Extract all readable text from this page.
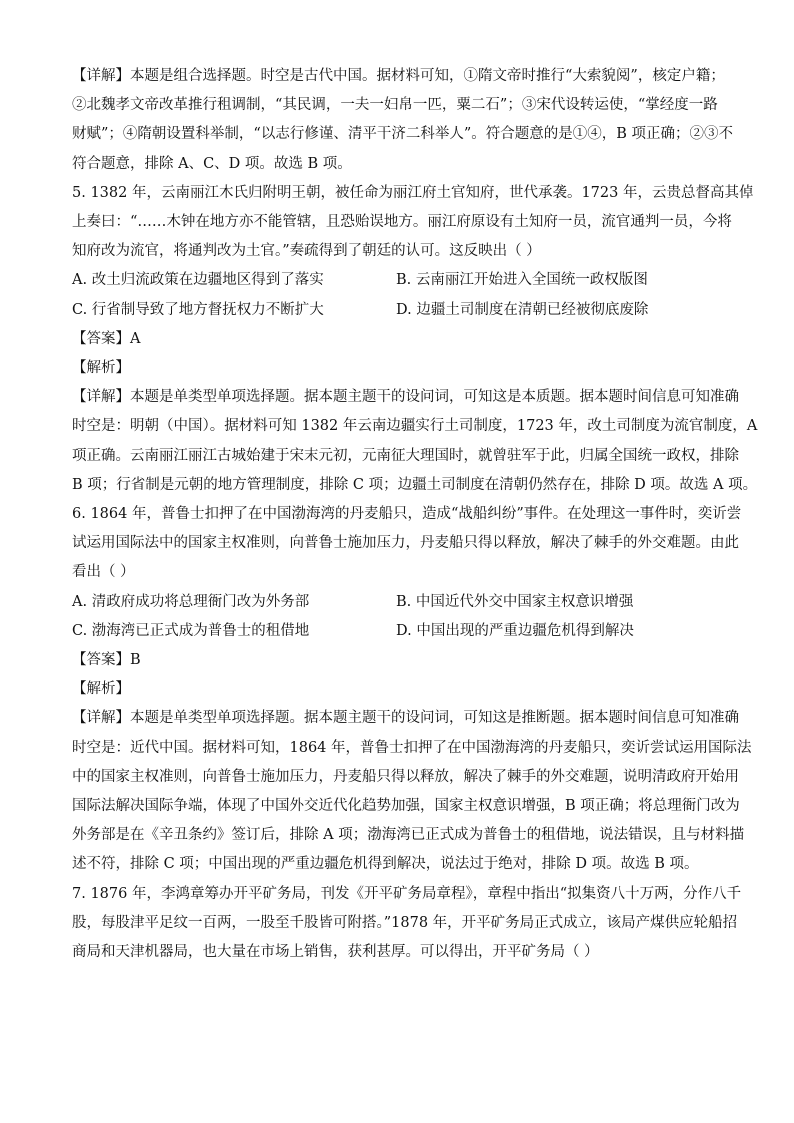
【详解】本题是组合选择题。时空是古代中国。据材料可知，①隋文帝时推行“大索貌阅”，核定户籍；
②北魏孝文帝改革推行租调制，“其民调，一夫一妇帛一匹，粟二石”；③宋代设转运使，“掌经度一路
财赋”；④隋朝设置科举制，“以志行修谨、清平干济二科举人”。符合题意的是①④，B 项正确；②③不
符合题意，排除 A、C、D 项。故选 B 项。

5. 1382 年，云南丽江木氏归附明王朝，被任命为丽江府土官知府，世代承袭。1723 年，云贵总督高其倬
上奏曰：“……木钟在地方亦不能管辖，且恐贻误地方。丽江府原设有土知府一员，流官通判一员，今将
知府改为流官，将通判改为土官。”奏疏得到了朝廷的认可。这反映出（ ）

A. 改土归流政策在边疆地区得到了落实	B. 云南丽江开始进入全国统一政权版图
C. 行省制导致了地方督抚权力不断扩大	D. 边疆土司制度在清朝已经被彻底废除
【答案】A
【解析】

【详解】本题是单类型单项选择题。据本题主题干的设问词，可知这是本质题。据本题时间信息可知准确
时空是：明朝（中国）。据材料可知 1382 年云南边疆实行土司制度，1723 年，改土司制度为流官制度，A
项正确。云南丽江丽江古城始建于宋末元初，元南征大理国时，就曾驻军于此，归属全国统一政权，排除
B 项；行省制是元朝的地方管理制度，排除 C 项；边疆土司制度在清朝仍然存在，排除 D 项。故选 A 项。

6. 1864 年，普鲁士扣押了在中国渤海湾的丹麦船只，造成“战船纠纷”事件。在处理这一事件时，奕䜣尝
试运用国际法中的国家主权准则，向普鲁士施加压力，丹麦船只得以释放，解决了棘手的外交难题。由此
看出（ ）

A. 清政府成功将总理衙门改为外务部	B. 中国近代外交中国家主权意识增强
C. 渤海湾已正式成为普鲁士的租借地	D. 中国出现的严重边疆危机得到解决
【答案】B
【解析】

【详解】本题是单类型单项选择题。据本题主题干的设问词，可知这是推断题。据本题时间信息可知准确
时空是：近代中国。据材料可知，1864 年，普鲁士扣押了在中国渤海湾的丹麦船只，奕䜣尝试运用国际法
中的国家主权准则，向普鲁士施加压力，丹麦船只得以释放，解决了棘手的外交难题，说明清政府开始用
国际法解决国际争端，体现了中国外交近代化趋势加强，国家主权意识增强，B 项正确；将总理衙门改为
外务部是在《辛丑条约》签订后，排除 A 项；渤海湾已正式成为普鲁士的租借地，说法错误，且与材料描
述不符，排除 C 项；中国出现的严重边疆危机得到解决，说法过于绝对，排除 D 项。故选 B 项。

7. 1876 年，李鸿章筹办开平矿务局，刊发《开平矿务局章程》，章程中指出“拟集资八十万两，分作八千
股，每股津平足纹一百两，一股至千股皆可附搭。”1878 年，开平矿务局正式成立，该局产煤供应轮船招
商局和天津机器局，也大量在市场上销售，获利甚厚。可以得出，开平矿务局（ ）
